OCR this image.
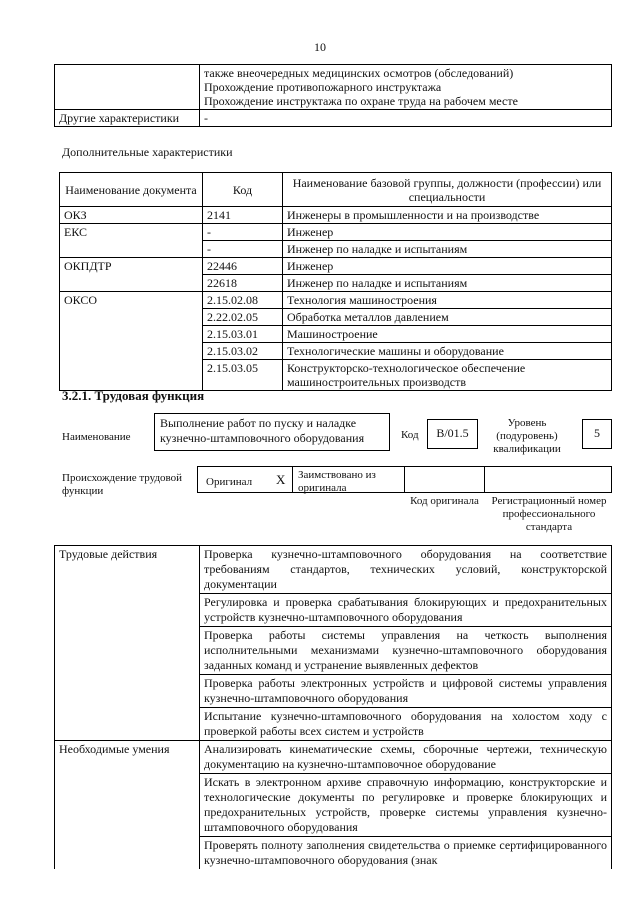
10

	также внеочередных медицинских осмотров (обследований)
Прохождение противопожарного инструктажа
Прохождение инструктажа по охране труда на рабочем месте

Другие характеристики	-
Дополнительные характеристики
Наименование документа	Код	Наименование базовой группы, должности (профессии) или специальности
ОКЗ	2141	Инженеры в промышленности и на производстве
ЕКС	-	Инженер
	-	Инженер по наладке и испытаниям
ОКПДТР	22446	Инженер
	22618	Инженер по наладке и испытаниям
ОКСО	2.15.02.08	Технология машиностроения
	2.22.02.05	Обработка металлов давлением
	2.15.03.01	Машиностроение
	2.15.03.02	Технологические машины и оборудование
	2.15.03.05	Конструкторско-технологическое обеспечение машиностроительных производств
3.2.1. Трудовая функция
Наименование
Выполнение работ по пуску и наладке кузнечно-штамповочного оборудования	Код	B/01.5
Уровень (подуровень) квалификации
5
Происхождение трудовой функции
Оригинал X Заимствовано из оригинала
Код оригинала	Регистрационный номер профессионального стандарта
Трудовые действия	Проверка кузнечно-штамповочного оборудования на соответствие требованиям стандартов, технических условий, конструкторской документации
	Регулировка и проверка срабатывания блокирующих и предохранительных устройств кузнечно-штамповочного оборудования
	Проверка работы системы управления на четкость выполнения исполнительными механизмами кузнечно-штамповочного оборудования заданных команд и устранение выявленных дефектов
	Проверка работы электронных устройств и цифровой системы управления кузнечно-штамповочного оборудования
	Испытание кузнечно-штамповочного оборудования на холостом ходу с проверкой работы всех систем и устройств
Необходимые умения	Анализировать кинематические схемы, сборочные чертежи, техническую документацию на кузнечно-штамповочное оборудование
	Искать в электронном архиве справочную информацию, конструкторские и технологические документы по регулировке и проверке блокирующих и предохранительных устройств, проверке системы управления кузнечно-штамповочного оборудования
	Проверять полноту заполнения свидетельства о приемке сертифицированного кузнечно-штамповочного оборудования (знак
